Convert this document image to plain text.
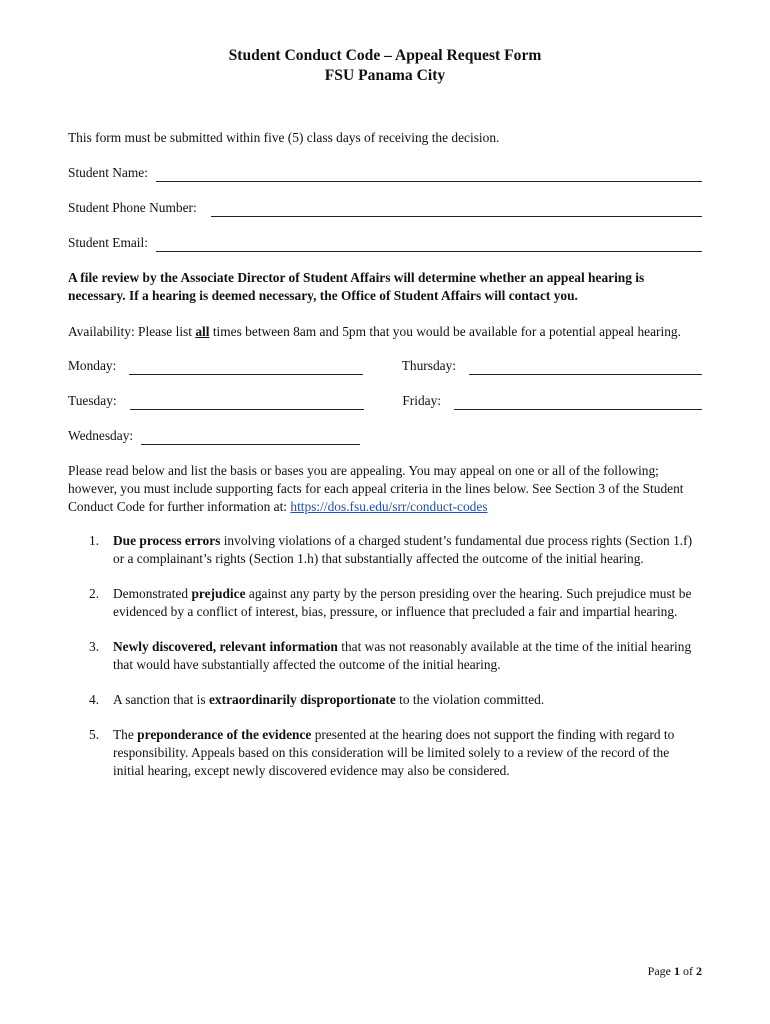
Student Conduct Code – Appeal Request Form
FSU Panama City

This form must be submitted within five (5) class days of receiving the decision.

Student Name:
Student Phone Number:
Student Email:

A file review by the Associate Director of Student Affairs will determine whether an appeal hearing is necessary. If a hearing is deemed necessary, the Office of Student Affairs will contact you.

Availability: Please list all times between 8am and 5pm that you would be available for a potential appeal hearing.

Monday:	Thursday:
Tuesday:	Friday:
Wednesday:

Please read below and list the basis or bases you are appealing. You may appeal on one or all of the following; however, you must include supporting facts for each appeal criteria in the lines below. See Section 3 of the Student Conduct Code for further information at: https://dos.fsu.edu/srr/conduct-codes

1.	Due process errors involving violations of a charged student’s fundamental due process rights (Section 1.f) or a complainant’s rights (Section 1.h) that substantially affected the outcome of the initial hearing.
2.	Demonstrated prejudice against any party by the person presiding over the hearing. Such prejudice must be evidenced by a conflict of interest, bias, pressure, or influence that precluded a fair and impartial hearing.
3.	Newly discovered, relevant information that was not reasonably available at the time of the initial hearing that would have substantially affected the outcome of the initial hearing.
4.	A sanction that is extraordinarily disproportionate to the violation committed.
5.	The preponderance of the evidence presented at the hearing does not support the finding with regard to responsibility. Appeals based on this consideration will be limited solely to a review of the record of the initial hearing, except newly discovered evidence may also be considered.
Page 1 of 2
